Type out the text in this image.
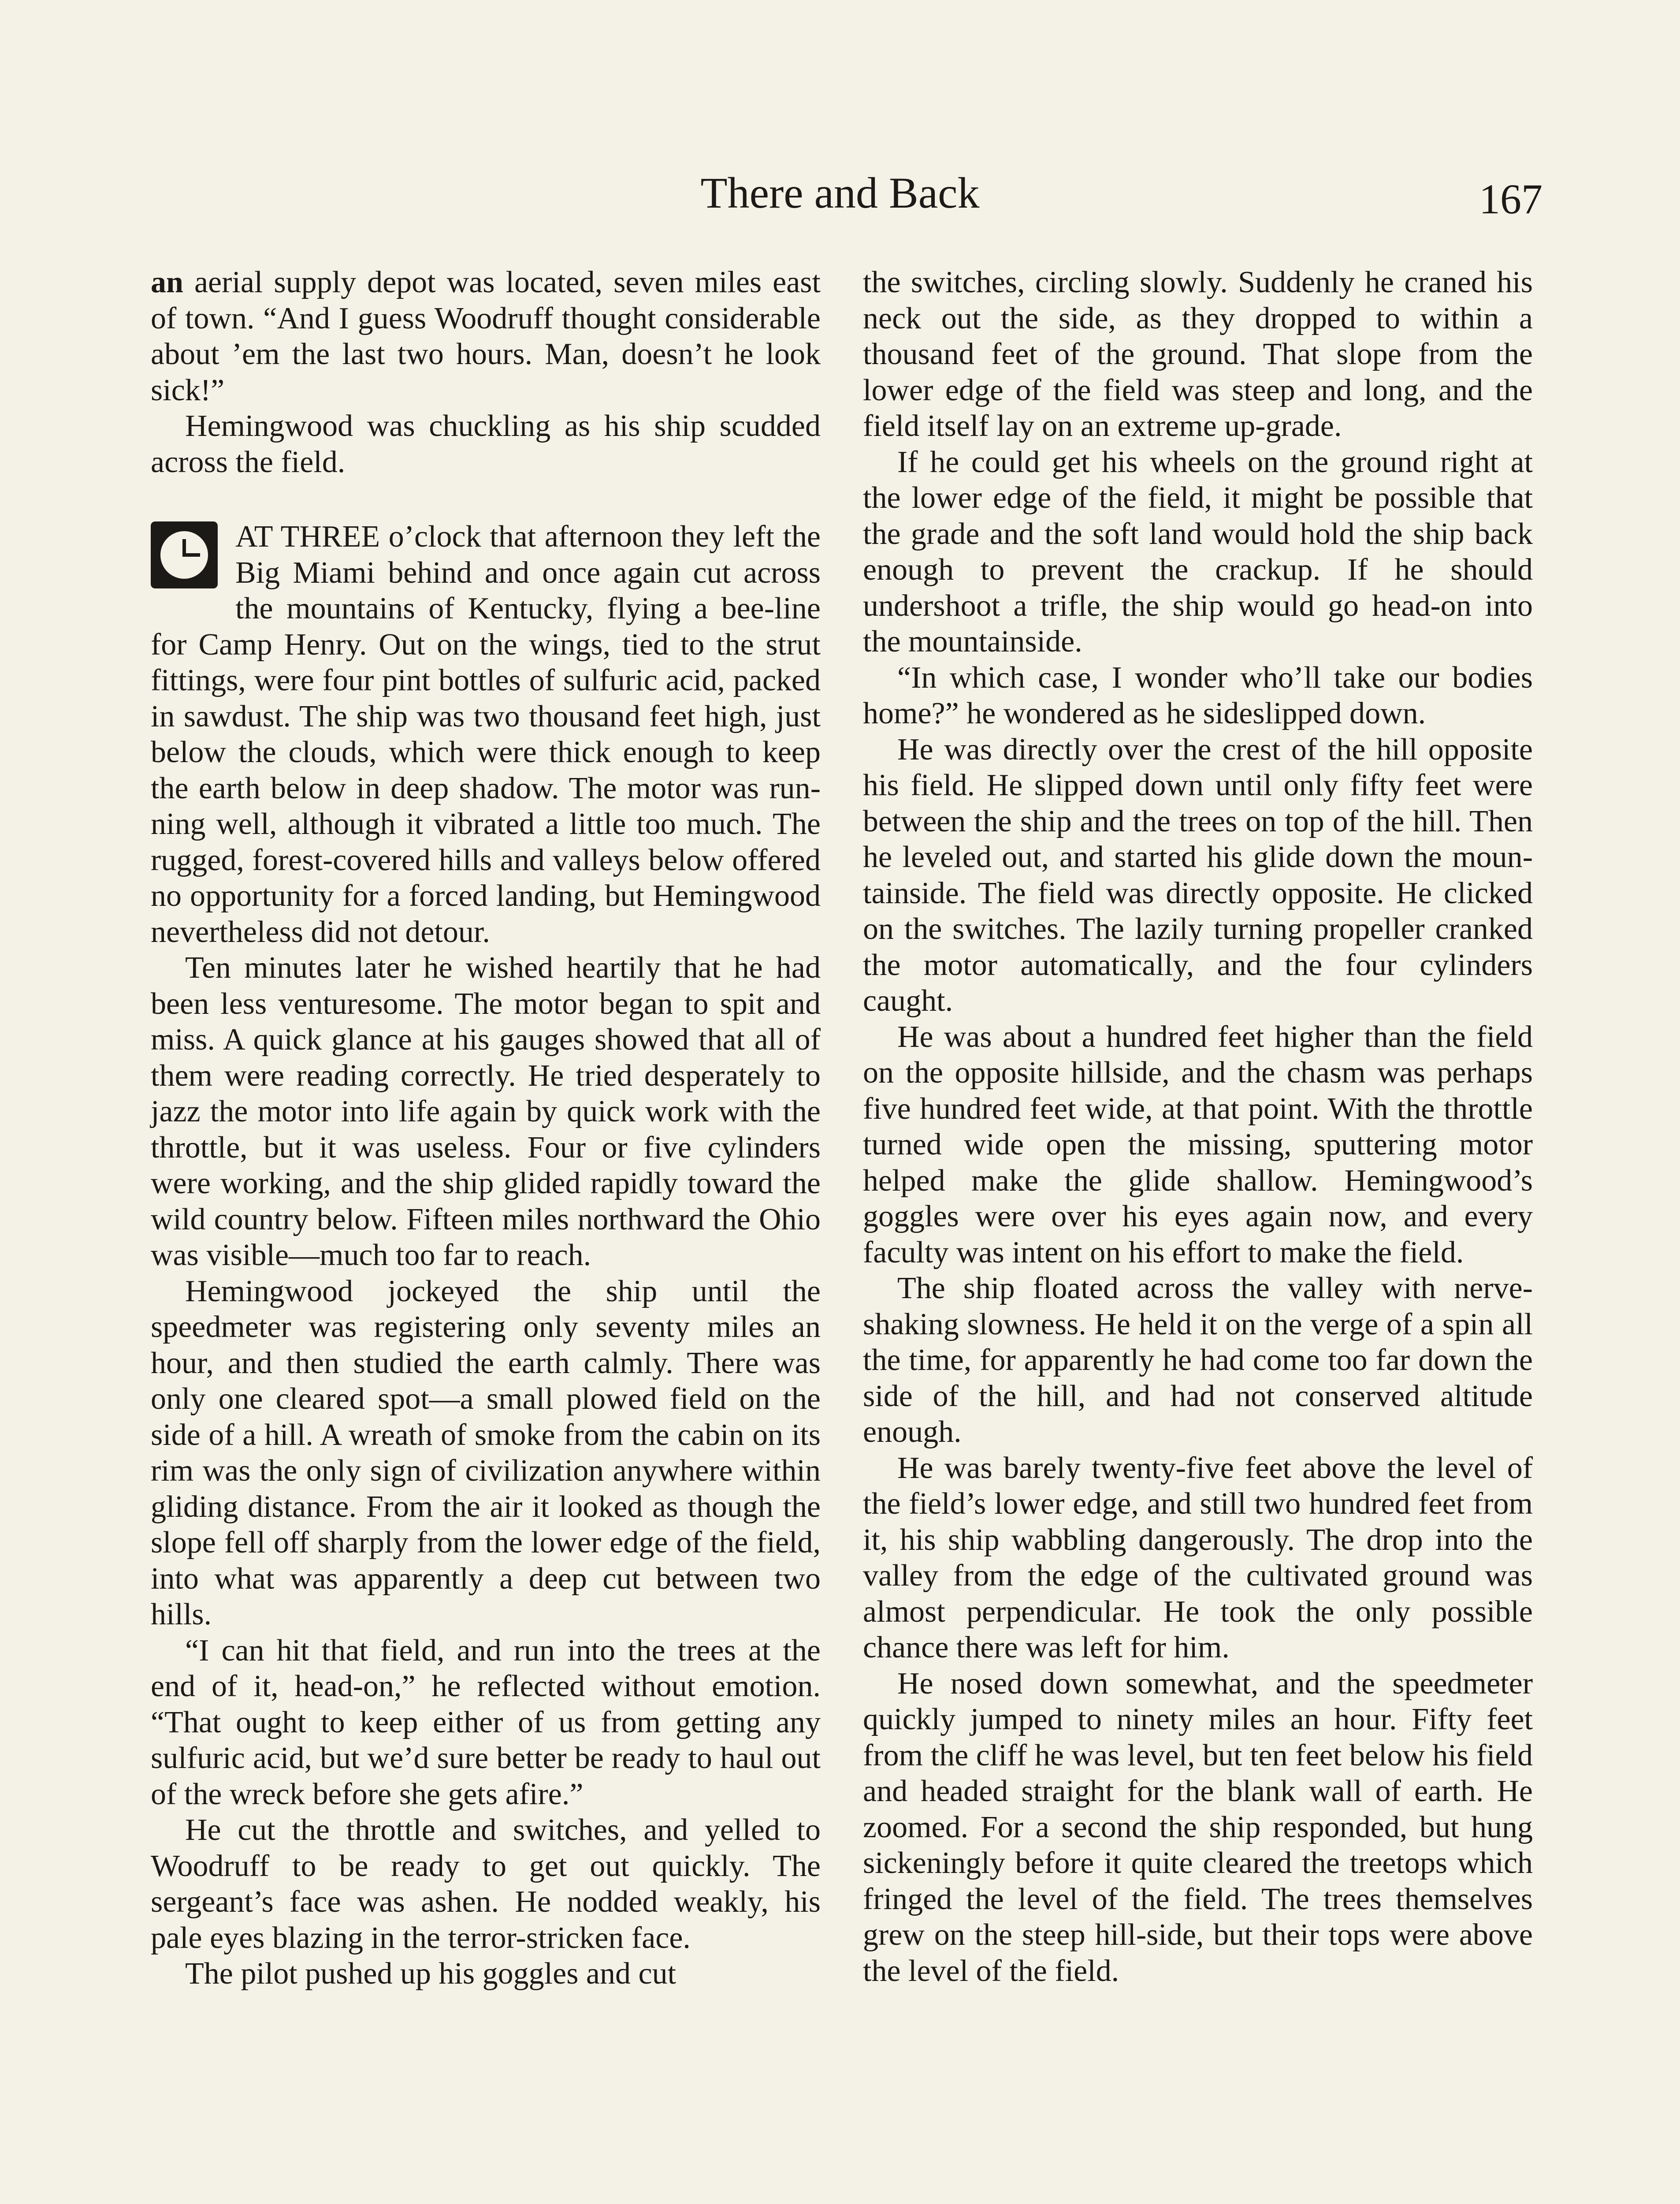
There and Back	167

an aerial supply depot was located, seven miles east of town. “And I guess Woodruff thought considerable about ’em the last two hours. Man, doesn’t he look sick!”

Hemingwood was chuckling as his ship scudded across the field.

AT THREE o’clock that afternoon they left the Big Miami behind and once again cut across the mountains of Kentucky, flying a bee-line for Camp Henry. Out on the wings, tied to the strut fittings, were four pint bottles of sulfuric acid, packed in sawdust. The ship was two thousand feet high, just below the clouds, which were thick enough to keep the earth below in deep shadow. The motor was running well, although it vibrated a little too much. The rugged, forest-covered hills and valleys below offered no opportunity for a forced landing, but Hemingwood nevertheless did not detour.

Ten minutes later he wished heartily that he had been less venturesome. The motor began to spit and miss. A quick glance at his gauges showed that all of them were reading correctly. He tried desperately to jazz the motor into life again by quick work with the throttle, but it was useless. Four or five cylinders were working, and the ship glided rapidly toward the wild country below. Fifteen miles northward the Ohio was visible—much too far to reach.

Hemingwood jockeyed the ship until the speedmeter was registering only seventy miles an hour, and then studied the earth calmly. There was only one cleared spot—a small plowed field on the side of a hill. A wreath of smoke from the cabin on its rim was the only sign of civilization anywhere within gliding distance. From the air it looked as though the slope fell off sharply from the lower edge of the field, into what was apparently a deep cut between two hills.

“I can hit that field, and run into the trees at the end of it, head-on,” he reflected without emotion. “That ought to keep either of us from getting any sulfuric acid, but we’d sure better be ready to haul out of the wreck before she gets afire.”

He cut the throttle and switches, and yelled to Woodruff to be ready to get out quickly. The sergeant’s face was ashen. He nodded weakly, his pale eyes blazing in the terror-stricken face.

The pilot pushed up his goggles and cut

the switches, circling slowly. Suddenly he craned his neck out the side, as they dropped to within a thousand feet of the ground. That slope from the lower edge of the field was steep and long, and the field itself lay on an extreme up-grade.

If he could get his wheels on the ground right at the lower edge of the field, it might be possible that the grade and the soft land would hold the ship back enough to prevent the crackup. If he should undershoot a trifle, the ship would go head-on into the mountainside.

“In which case, I wonder who’ll take our bodies home?” he wondered as he sideslipped down.

He was directly over the crest of the hill opposite his field. He slipped down until only fifty feet were between the ship and the trees on top of the hill. Then he leveled out, and started his glide down the mountainside. The field was directly opposite. He clicked on the switches. The lazily turning propeller cranked the motor automatically, and the four cylinders caught.

He was about a hundred feet higher than the field on the opposite hillside, and the chasm was perhaps five hundred feet wide, at that point. With the throttle turned wide open the missing, sputtering motor helped make the glide shallow. Hemingwood’s goggles were over his eyes again now, and every faculty was intent on his effort to make the field.

The ship floated across the valley with nerve-shaking slowness. He held it on the verge of a spin all the time, for apparently he had come too far down the side of the hill, and had not conserved altitude enough.

He was barely twenty-five feet above the level of the field’s lower edge, and still two hundred feet from it, his ship wabbling dangerously. The drop into the valley from the edge of the cultivated ground was almost perpendicular. He took the only possible chance there was left for him.

He nosed down somewhat, and the speedmeter quickly jumped to ninety miles an hour. Fifty feet from the cliff he was level, but ten feet below his field and headed straight for the blank wall of earth. He zoomed. For a second the ship responded, but hung sickeningly before it quite cleared the treetops which fringed the level of the field. The trees themselves grew on the steep hill-side, but their tops were above the level of the field.
